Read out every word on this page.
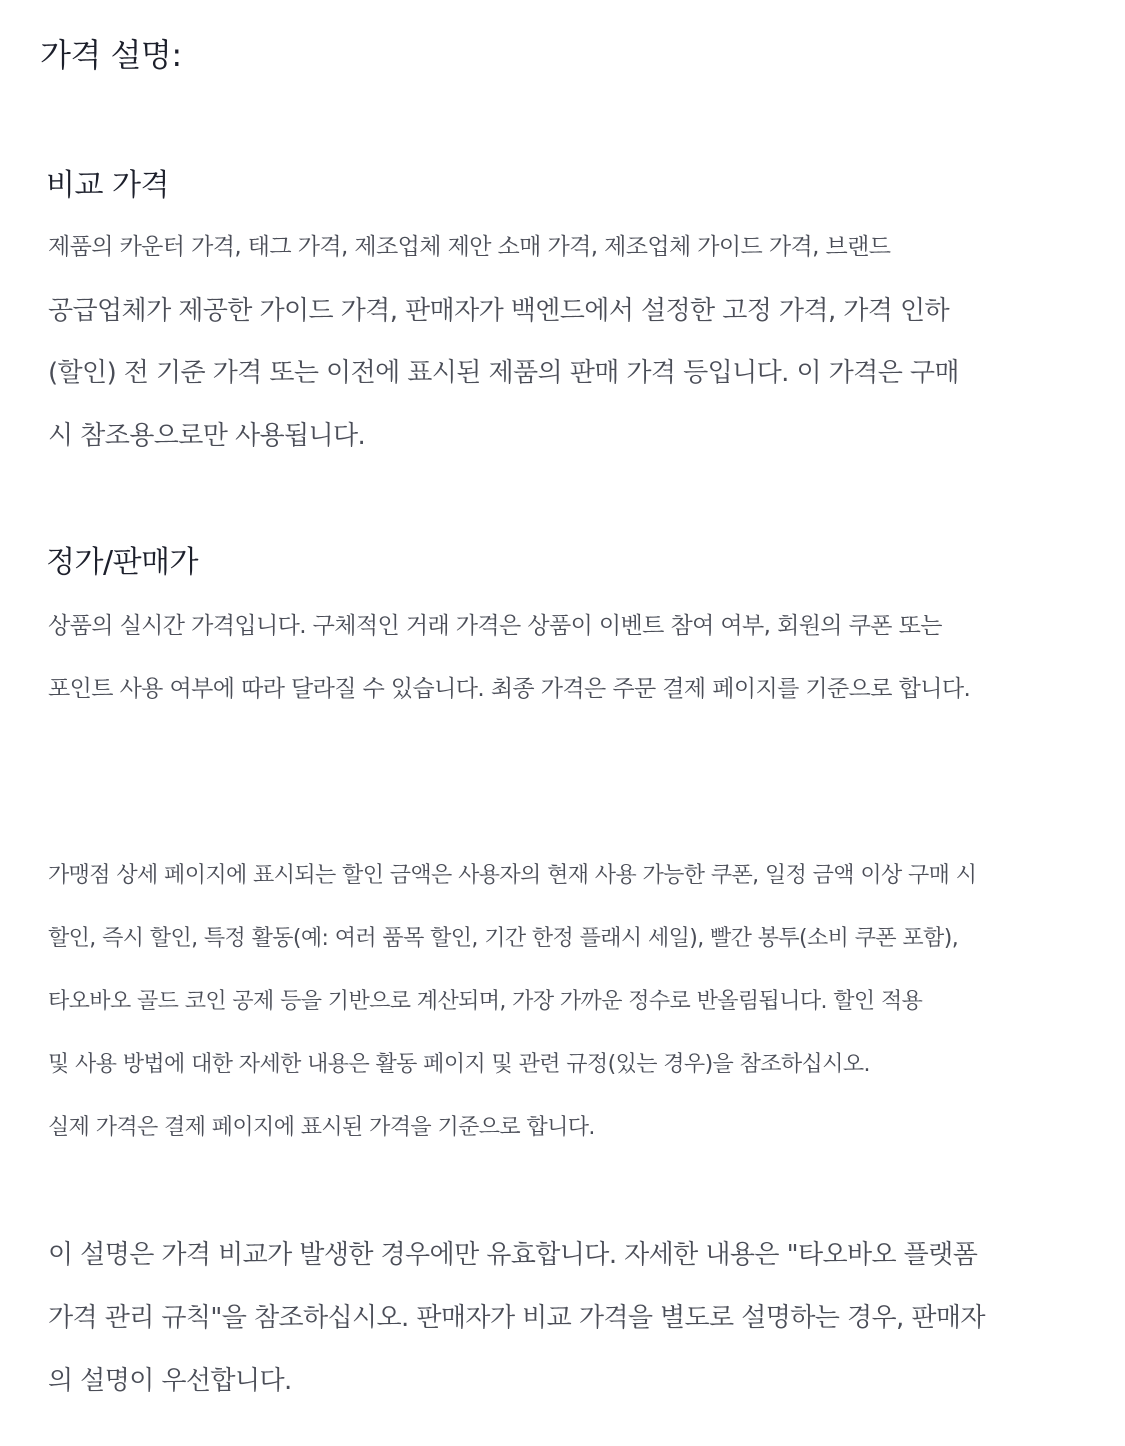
가격 설명:
비교 가격

제품의 카운터 가격, 태그 가격, 제조업체 제안 소매 가격, 제조업체 가이드 가격, 브랜드

공급업체가 제공한 가이드 가격, 판매자가 백엔드에서 설정한 고정 가격, 가격 인하

(할인) 전 기준 가격 또는 이전에 표시된 제품의 판매 가격 등입니다. 이 가격은 구매

시 참조용으로만 사용됩니다.

정가/판매가

상품의 실시간 가격입니다. 구체적인 거래 가격은 상품이 이벤트 참여 여부, 회원의 쿠폰 또는

포인트 사용 여부에 따라 달라질 수 있습니다. 최종 가격은 주문 결제 페이지를 기준으로 합니다.

가맹점 상세 페이지에 표시되는 할인 금액은 사용자의 현재 사용 가능한 쿠폰, 일정 금액 이상 구매 시

할인, 즉시 할인, 특정 활동(예: 여러 품목 할인, 기간 한정 플래시 세일), 빨간 봉투(소비 쿠폰 포함),

타오바오 골드 코인 공제 등을 기반으로 계산되며, 가장 가까운 정수로 반올림됩니다. 할인 적용

및 사용 방법에 대한 자세한 내용은 활동 페이지 및 관련 규정(있는 경우)을 참조하십시오.

실제 가격은 결제 페이지에 표시된 가격을 기준으로 합니다.

이 설명은 가격 비교가 발생한 경우에만 유효합니다. 자세한 내용은 "타오바오 플랫폼

가격 관리 규칙"을 참조하십시오. 판매자가 비교 가격을 별도로 설명하는 경우, 판매자

의 설명이 우선합니다.
